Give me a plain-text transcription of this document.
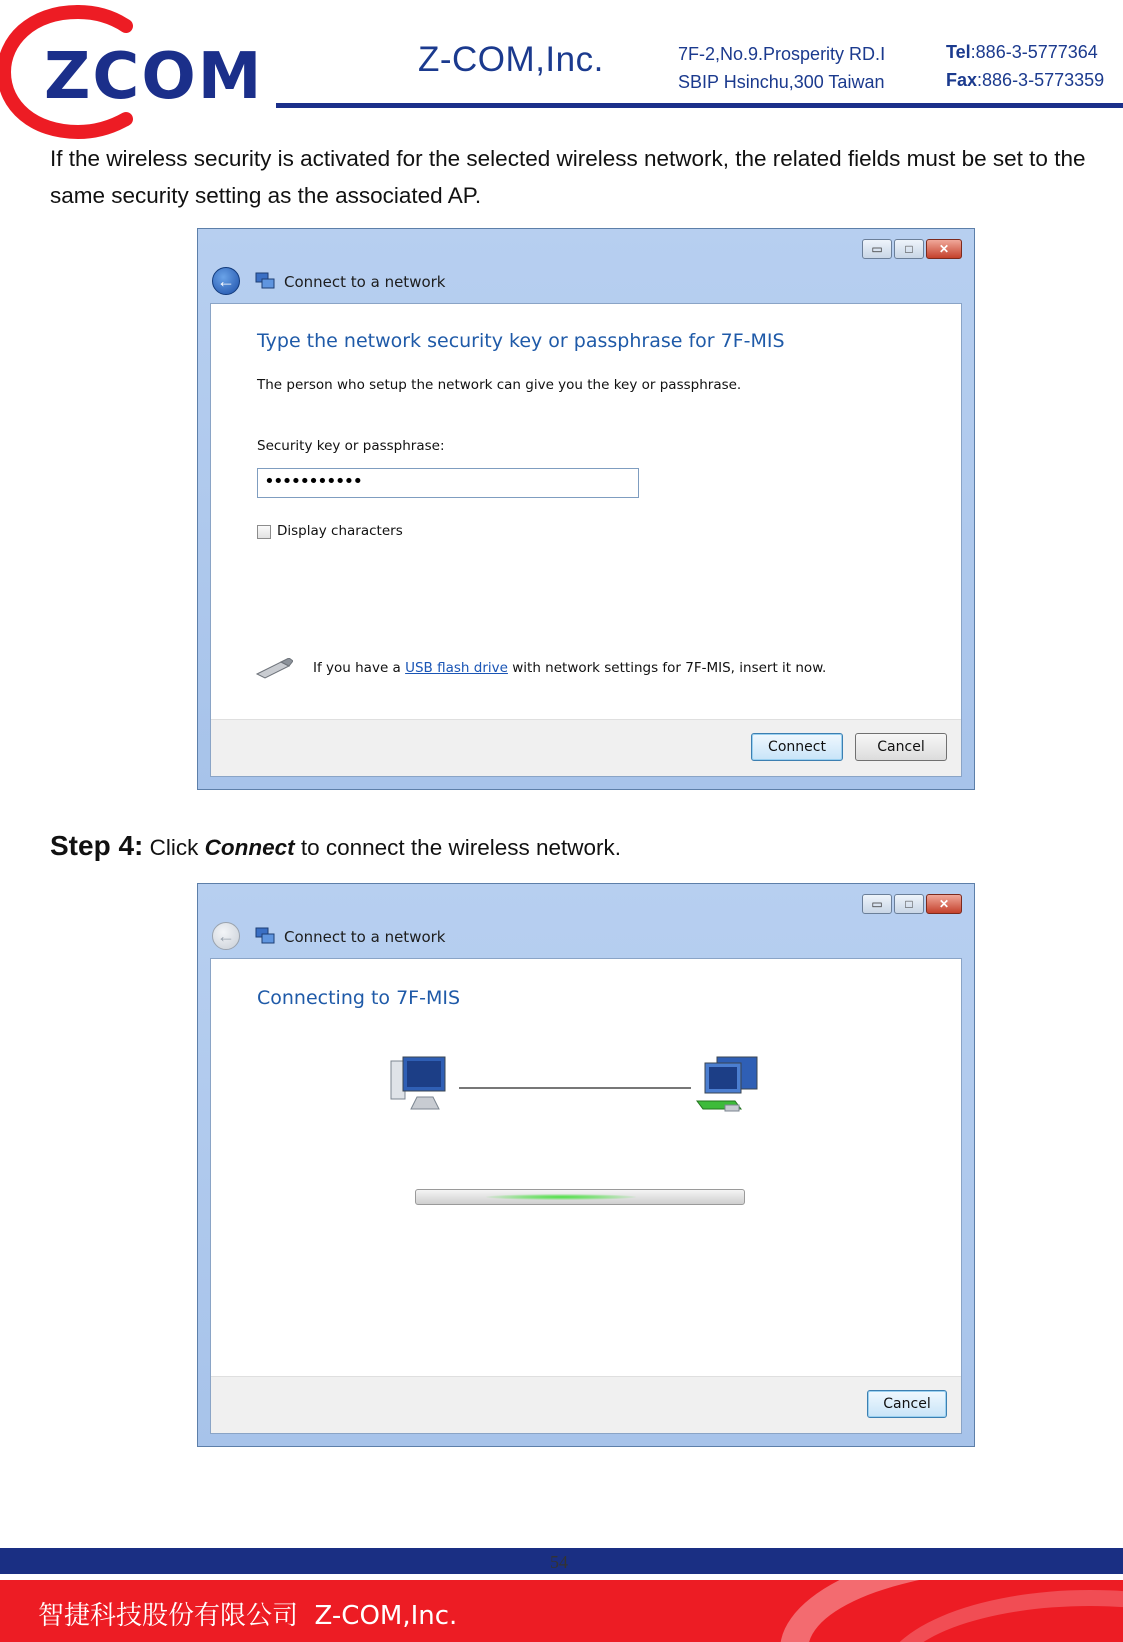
ZCOM	Z-COM,Inc.	7F-2,No.9.Prosperity RD.Ⅰ
SBIP Hsinchu,300 Taiwan
Tel:886-3-5777364
Fax:886-3-5773359
If the wireless security is activated for the selected wireless network, the related fields must be set to the same security setting as the associated AP.
▭	□	✕
←	Connect to a network
Type the network security key or passphrase for 7F-MIS
The person who setup the network can give you the key or passphrase.
Security key or passphrase:
•••••••••••
Display characters
If you have a USB flash drive with network settings for 7F-MIS, insert it now.
Connect	Cancel
Step 4: Click Connect to connect the wireless network.
▭	□	✕
←	Connect to a network
Connecting to 7F-MIS
Cancel
54
智捷科技股份有限公司 Z-COM,Inc.
